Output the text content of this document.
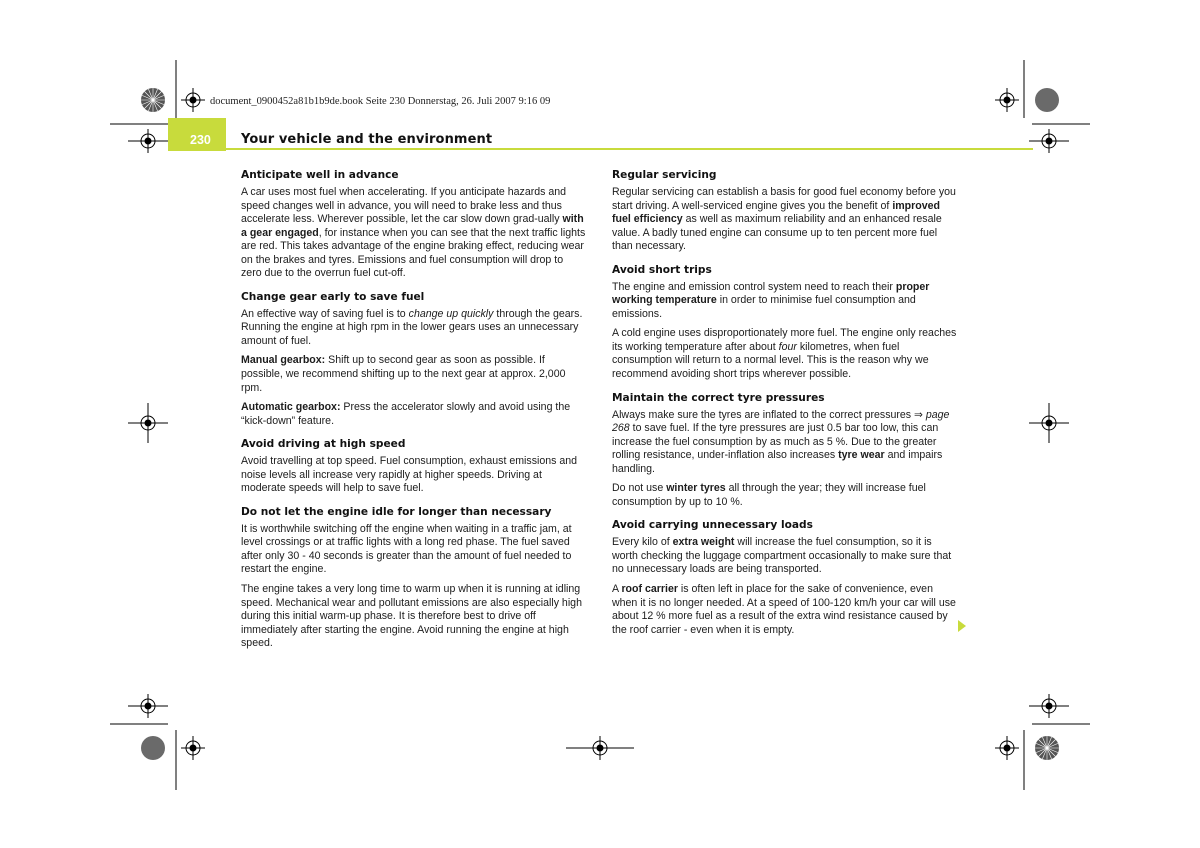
document_0900452a81b1b9de.book Seite 230 Donnerstag, 26. Juli 2007 9:16 09
230 Your vehicle and the environment
Anticipate well in advance

A car uses most fuel when accelerating. If you anticipate hazards and speed changes well in advance, you will need to brake less and thus accelerate less. Wherever possible, let the car slow down grad-ually with a gear engaged, for instance when you can see that the next traffic lights are red. This takes advantage of the engine braking effect, reducing wear on the brakes and tyres. Emissions and fuel consumption will drop to zero due to the overrun fuel cut-off.

Change gear early to save fuel

An effective way of saving fuel is to change up quickly through the gears. Running the engine at high rpm in the lower gears uses an unnecessary amount of fuel.

Manual gearbox: Shift up to second gear as soon as possible. If possible, we recommend shifting up to the next gear at approx. 2,000 rpm.

Automatic gearbox: Press the accelerator slowly and avoid using the “kick-down” feature.

Avoid driving at high speed

Avoid travelling at top speed. Fuel consumption, exhaust emissions and noise levels all increase very rapidly at higher speeds. Driving at moderate speeds will help to save fuel.

Do not let the engine idle for longer than necessary

It is worthwhile switching off the engine when waiting in a traffic jam, at level crossings or at traffic lights with a long red phase. The fuel saved after only 30 - 40 seconds is greater than the amount of fuel needed to restart the engine.

The engine takes a very long time to warm up when it is running at idling speed. Mechanical wear and pollutant emissions are also especially high during this initial warm-up phase. It is therefore best to drive off immediately after starting the engine. Avoid running the engine at high speed.

Regular servicing

Regular servicing can establish a basis for good fuel economy before you start driving. A well-serviced engine gives you the benefit of improved fuel efficiency as well as maximum reliability and an enhanced resale value. A badly tuned engine can consume up to ten percent more fuel than necessary.

Avoid short trips

The engine and emission control system need to reach their proper working temperature in order to minimise fuel consumption and emissions.

A cold engine uses disproportionately more fuel. The engine only reaches its working temperature after about four kilometres, when fuel consumption will return to a normal level. This is the reason why we recommend avoiding short trips wherever possible.

Maintain the correct tyre pressures

Always make sure the tyres are inflated to the correct pressures ⇒ page 268 to save fuel. If the tyre pressures are just 0.5 bar too low, this can increase the fuel consumption by as much as 5 %. Due to the greater rolling resistance, under-inflation also increases tyre wear and impairs handling.

Do not use winter tyres all through the year; they will increase fuel consumption by up to 10 %.

Avoid carrying unnecessary loads

Every kilo of extra weight will increase the fuel consumption, so it is worth checking the luggage compartment occasionally to make sure that no unnecessary loads are being transported.

A roof carrier is often left in place for the sake of convenience, even when it is no longer needed. At a speed of 100-120 km/h your car will use about 12 % more fuel as a result of the extra wind resistance caused by the roof carrier - even when it is empty.
